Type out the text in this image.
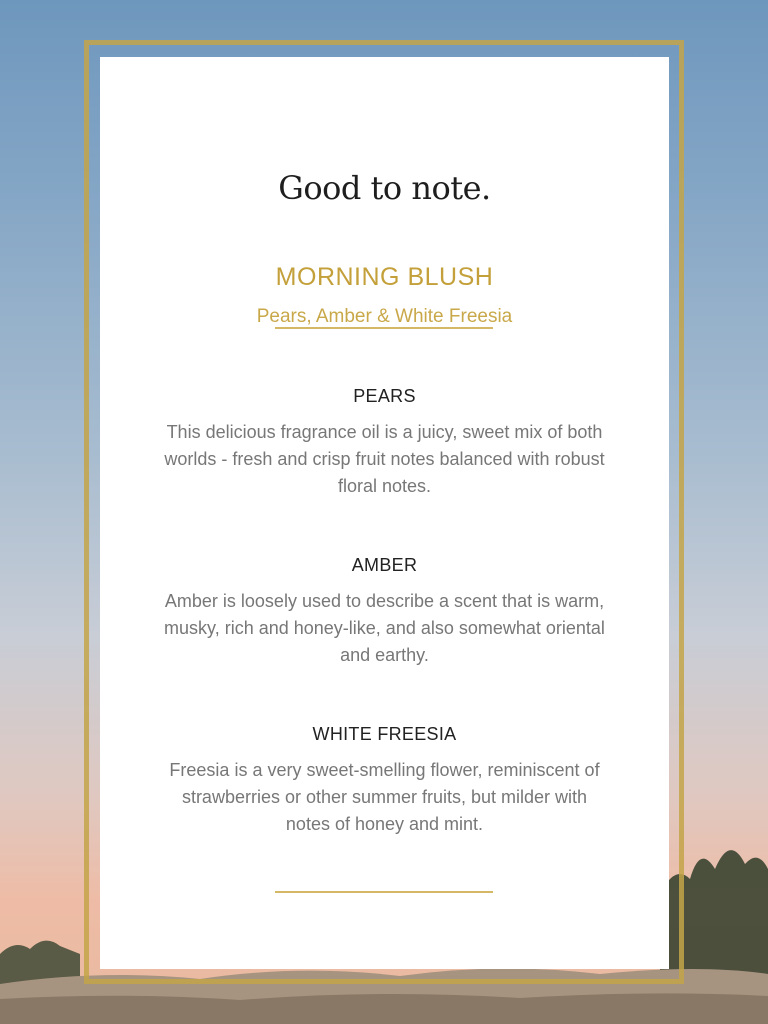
Good to note.
MORNING BLUSH
Pears, Amber & White Freesia
PEARS
This delicious fragrance oil is a juicy, sweet mix of both worlds - fresh and crisp fruit notes balanced with robust floral notes.
AMBER
Amber is loosely used to describe a scent that is warm, musky, rich and honey-like, and also somewhat oriental and earthy.
WHITE FREESIA
Freesia is a very sweet-smelling flower, reminiscent of strawberries or other summer fruits, but milder with notes of honey and mint.
